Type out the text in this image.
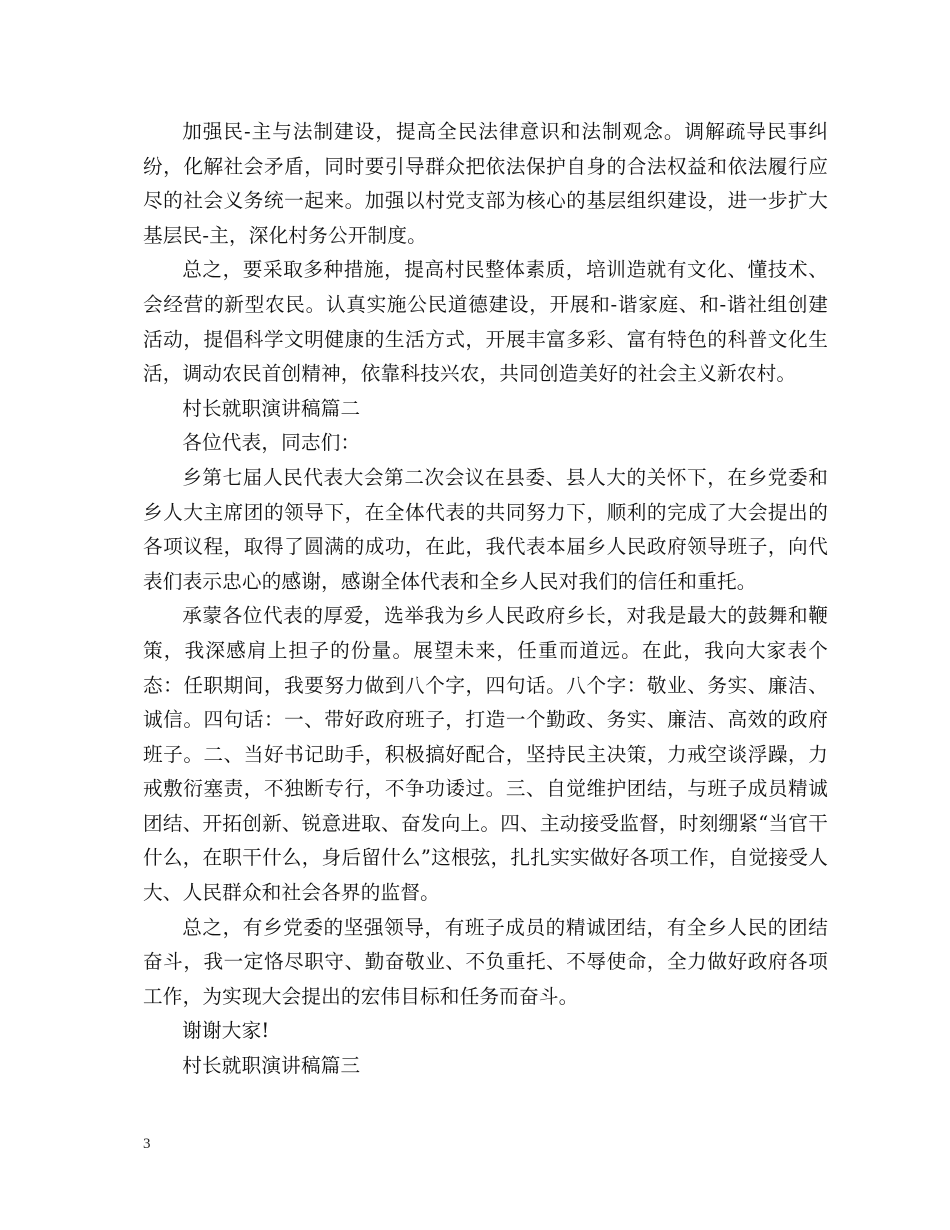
加强民-主与法制建设，提高全民法律意识和法制观念。调解疏导民事纠纷，化解社会矛盾，同时要引导群众把依法保护自身的合法权益和依法履行应尽的社会义务统一起来。加强以村党支部为核心的基层组织建设，进一步扩大基层民-主，深化村务公开制度。

总之，要采取多种措施，提高村民整体素质，培训造就有文化、懂技术、会经营的新型农民。认真实施公民道德建设，开展和-谐家庭、和-谐社组创建活动，提倡科学文明健康的生活方式，开展丰富多彩、富有特色的科普文化生活，调动农民首创精神，依靠科技兴农，共同创造美好的社会主义新农村。

村长就职演讲稿篇二

各位代表，同志们：

乡第七届人民代表大会第二次会议在县委、县人大的关怀下，在乡党委和乡人大主席团的领导下，在全体代表的共同努力下，顺利的完成了大会提出的各项议程，取得了圆满的成功，在此，我代表本届乡人民政府领导班子，向代表们表示忠心的感谢，感谢全体代表和全乡人民对我们的信任和重托。

承蒙各位代表的厚爱，选举我为乡人民政府乡长，对我是最大的鼓舞和鞭策，我深感肩上担子的份量。展望未来，任重而道远。在此，我向大家表个态：任职期间，我要努力做到八个字，四句话。八个字：敬业、务实、廉洁、诚信。四句话：一、带好政府班子，打造一个勤政、务实、廉洁、高效的政府班子。二、当好书记助手，积极搞好配合，坚持民主决策，力戒空谈浮躁，力戒敷衍塞责，不独断专行，不争功诿过。三、自觉维护团结，与班子成员精诚团结、开拓创新、锐意进取、奋发向上。四、主动接受监督，时刻绷紧“当官干什么，在职干什么，身后留什么”这根弦，扎扎实实做好各项工作，自觉接受人大、人民群众和社会各界的监督。

总之，有乡党委的坚强领导，有班子成员的精诚团结，有全乡人民的团结奋斗，我一定恪尽职守、勤奋敬业、不负重托、不辱使命，全力做好政府各项工作，为实现大会提出的宏伟目标和任务而奋斗。

谢谢大家!

村长就职演讲稿篇三

3
